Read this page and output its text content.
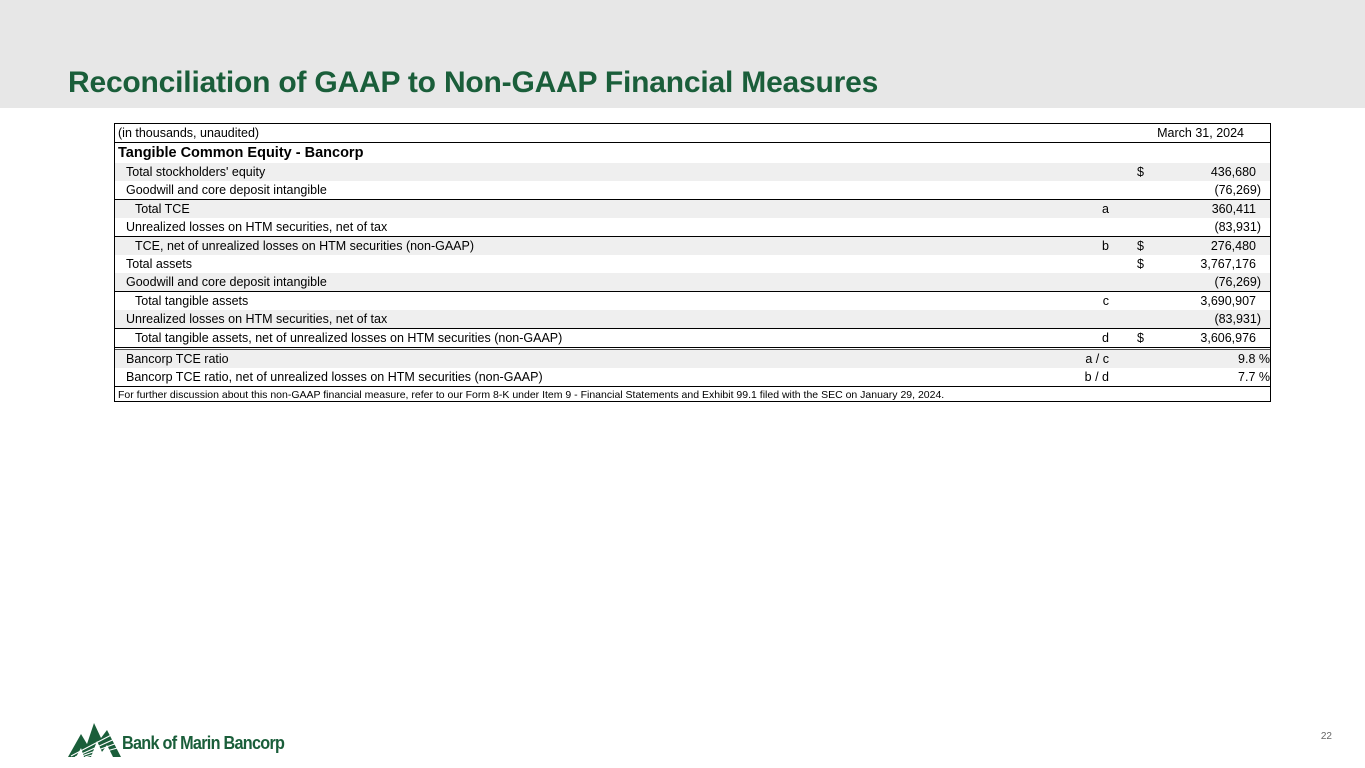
Reconciliation of GAAP to Non-GAAP Financial Measures
(in thousands, unaudited)	March 31, 2024
Tangible Common Equity - Bancorp
Total stockholders' equity	$	436,680
Goodwill and core deposit intangible	(76,269)
Total TCE	a	360,411
Unrealized losses on HTM securities, net of tax	(83,931)
TCE, net of unrealized losses on HTM securities (non-GAAP)	b $	276,480
Total assets	$	3,767,176
Goodwill and core deposit intangible	(76,269)
Total tangible assets	c	3,690,907
Unrealized losses on HTM securities, net of tax	(83,931)
Total tangible assets, net of unrealized losses on HTM securities (non-GAAP)	d $	3,606,976
Bancorp TCE ratio	a / c	9.8 %
Bancorp TCE ratio, net of unrealized losses on HTM securities (non-GAAP)	b / d	7.7 %
For further discussion about this non-GAAP financial measure, refer to our Form 8-K under Item 9 - Financial Statements and Exhibit 99.1 filed with the SEC on January 29, 2024.
Bank of Marin Bancorp	22
